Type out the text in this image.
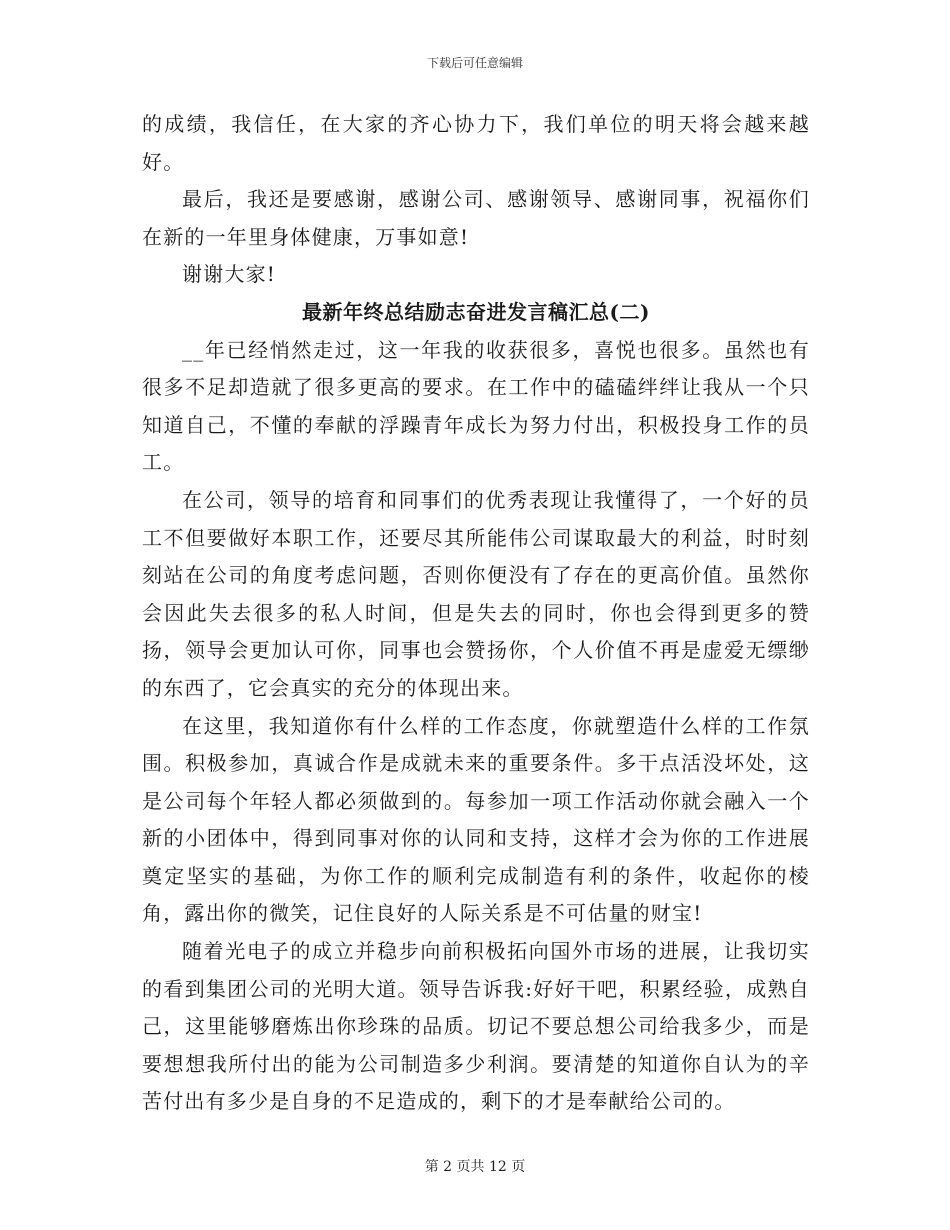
下载后可任意编辑

的成绩，我信任，在大家的齐心协力下，我们单位的明天将会越来越好。

最后，我还是要感谢，感谢公司、感谢领导、感谢同事，祝福你们在新的一年里身体健康，万事如意!

谢谢大家!

最新年终总结励志奋进发言稿汇总(二)

__年已经悄然走过，这一年我的收获很多，喜悦也很多。虽然也有很多不足却造就了很多更高的要求。在工作中的磕磕绊绊让我从一个只知道自己，不懂的奉献的浮躁青年成长为努力付出，积极投身工作的员工。

在公司，领导的培育和同事们的优秀表现让我懂得了，一个好的员工不但要做好本职工作，还要尽其所能伟公司谋取最大的利益，时时刻刻站在公司的角度考虑问题，否则你便没有了存在的更高价值。虽然你会因此失去很多的私人时间，但是失去的同时，你也会得到更多的赞扬，领导会更加认可你，同事也会赞扬你，个人价值不再是虚爱无缥缈的东西了，它会真实的充分的体现出来。

在这里，我知道你有什么样的工作态度，你就塑造什么样的工作氛围。积极参加，真诚合作是成就未来的重要条件。多干点活没坏处，这是公司每个年轻人都必须做到的。每参加一项工作活动你就会融入一个新的小团体中，得到同事对你的认同和支持，这样才会为你的工作进展奠定坚实的基础，为你工作的顺利完成制造有利的条件，收起你的棱角，露出你的微笑，记住良好的人际关系是不可估量的财宝!

随着光电子的成立并稳步向前积极拓向国外市场的进展，让我切实的看到集团公司的光明大道。领导告诉我:好好干吧，积累经验，成熟自己，这里能够磨炼出你珍珠的品质。切记不要总想公司给我多少，而是要想想我所付出的能为公司制造多少利润。要清楚的知道你自认为的辛苦付出有多少是自身的不足造成的，剩下的才是奉献给公司的。

第 2 页共 12 页
